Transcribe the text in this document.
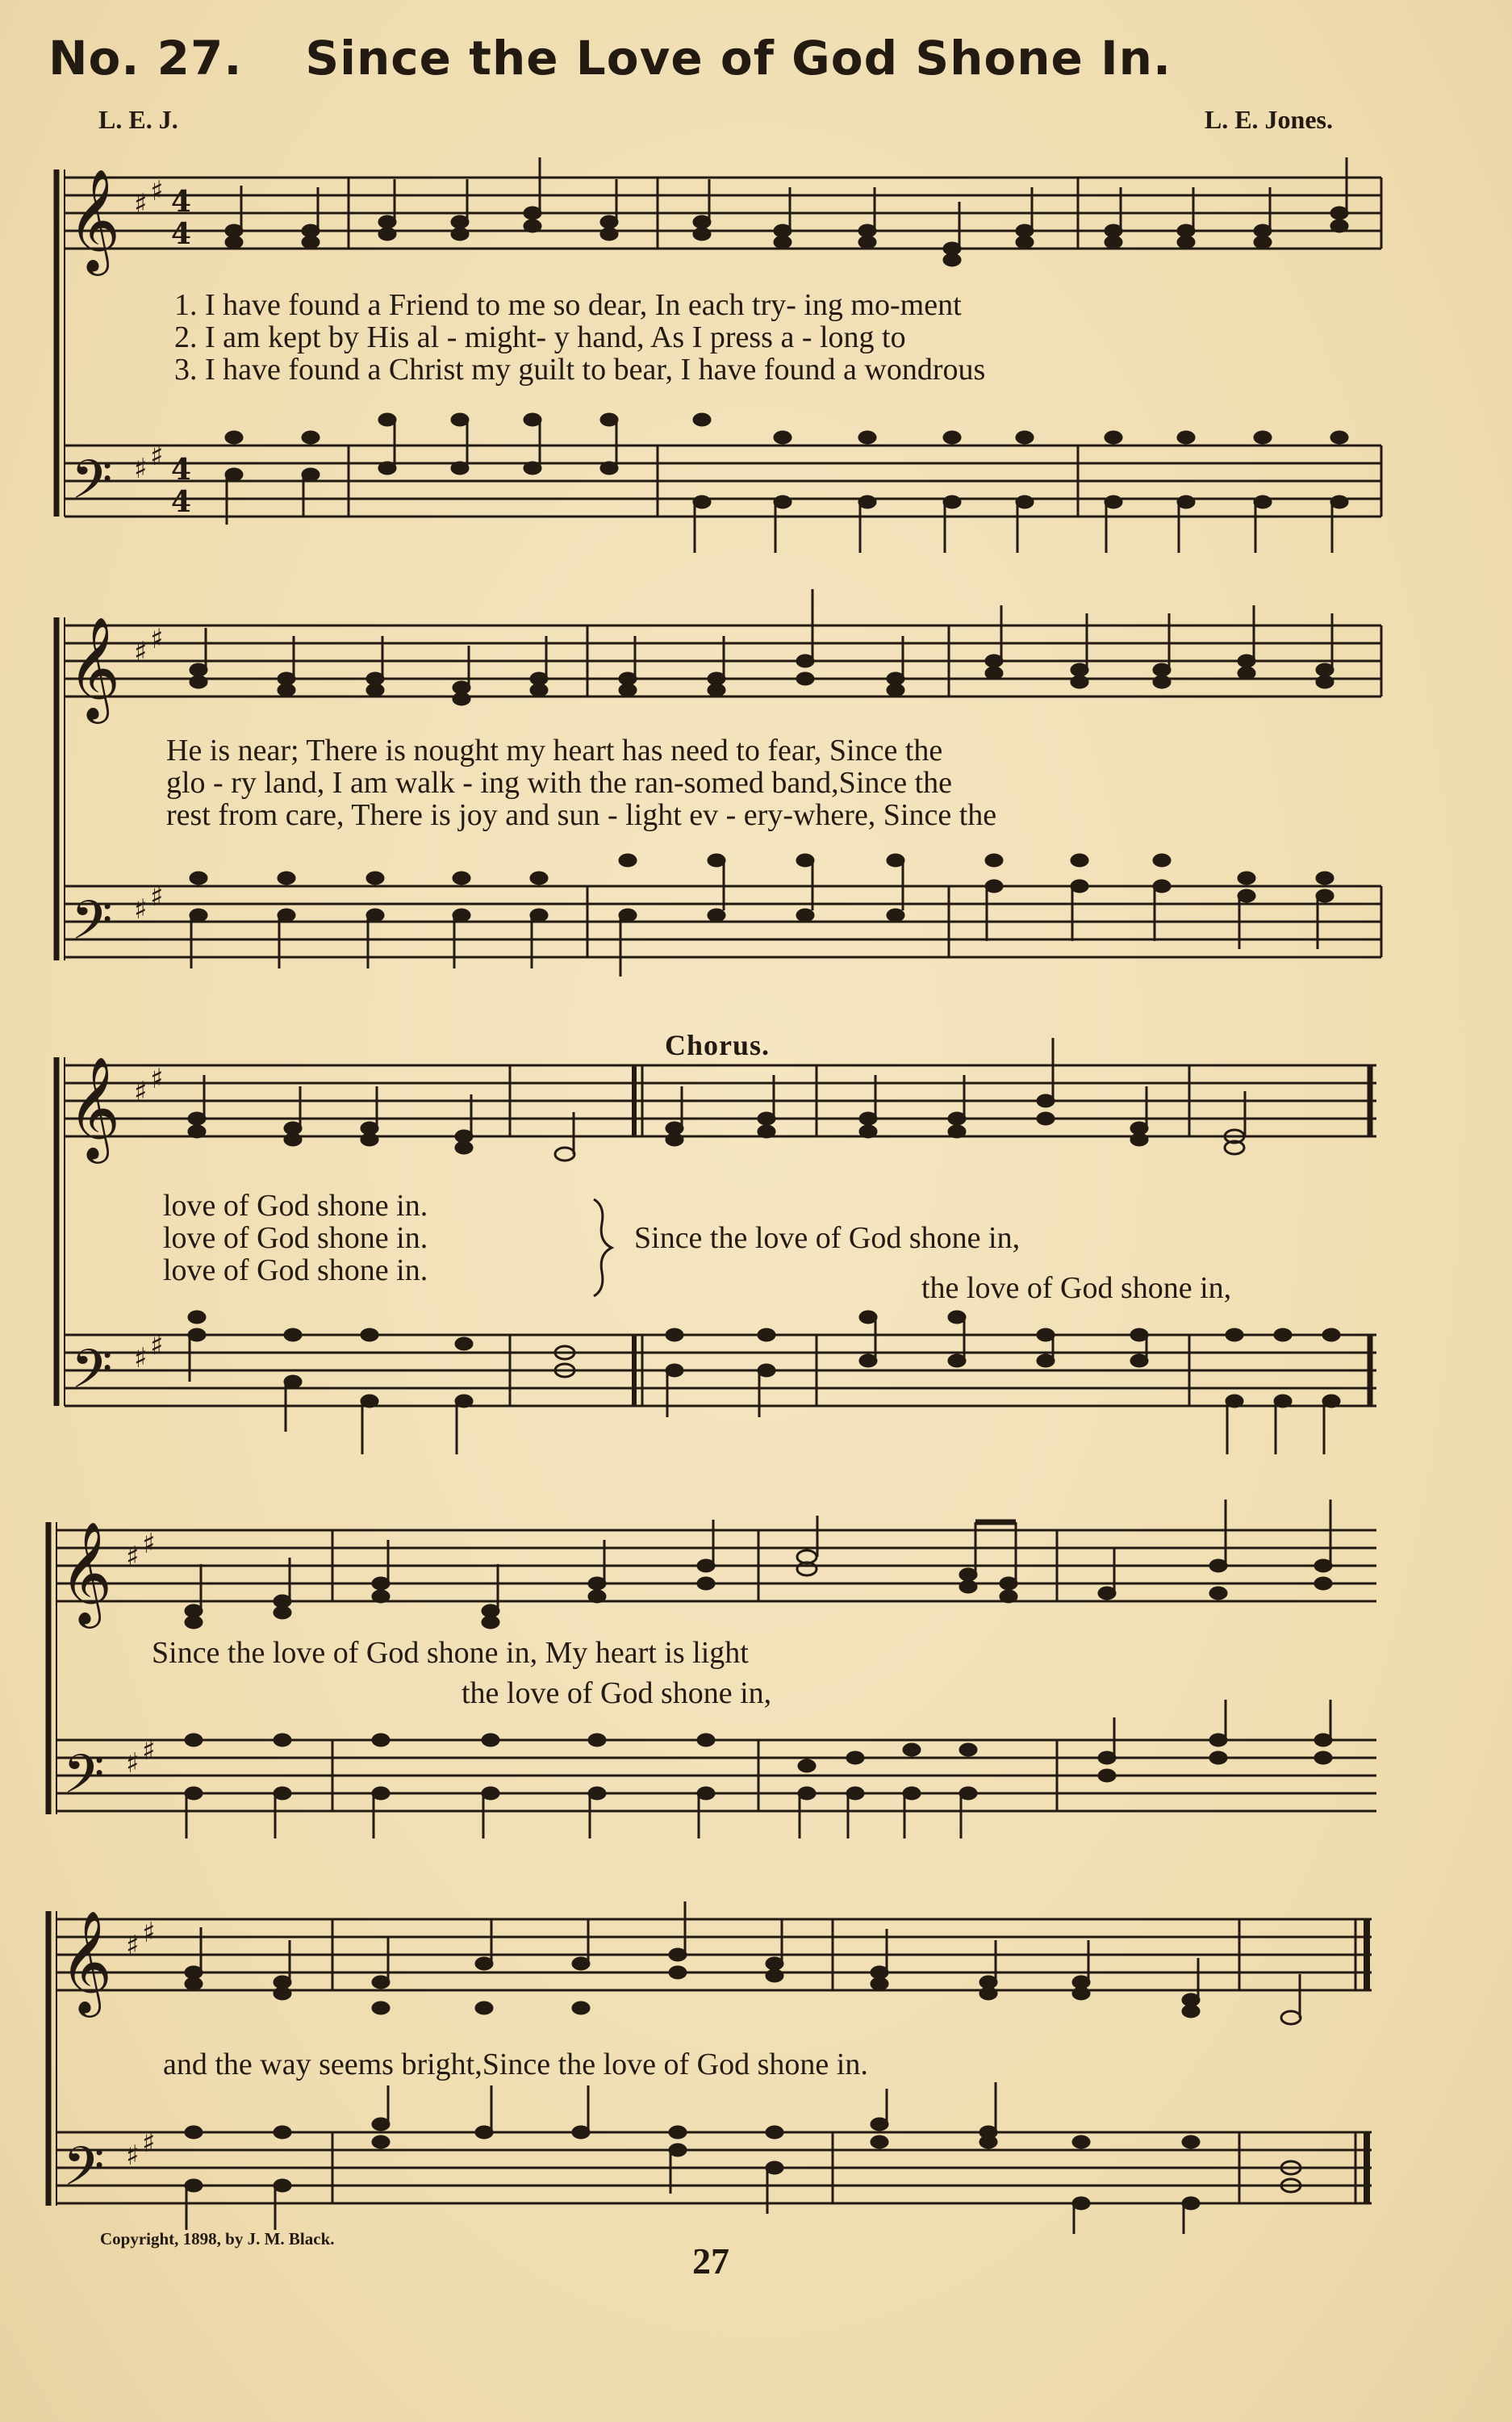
No. 27. Since the Love of God Shone In.
L. E. J.	L. E. Jones.
𝄞
𝄢
♯ ♯
♯ ♯
4
4
4
4
1. I have found a Friend to me so dear, In each try- ing mo-ment
2. I am kept by His al - might- y hand, As I press a - long to
3. I have found a Christ my guilt to bear, I have found a wondrous
𝄞
𝄢
♯ ♯
♯ ♯
He is near; There is nought my heart has need to fear, Since the
glo - ry land, I am walk - ing with the ran-somed band,Since the
rest from care, There is joy and sun - light ev - ery-where, Since the
𝄞
𝄢
♯ ♯
♯ ♯
Chorus.
love of God shone in.
love of God shone in.
love of God shone in.
Since the love of God shone in,
the love of God shone in,
𝄞
𝄢
♯ ♯
♯ ♯
Since the love of God shone in, My heart is light
the love of God shone in,
𝄞
𝄢
♯ ♯
♯ ♯
and the way seems bright,Since the love of God shone in.
Copyright, 1898, by J. M. Black.
27
